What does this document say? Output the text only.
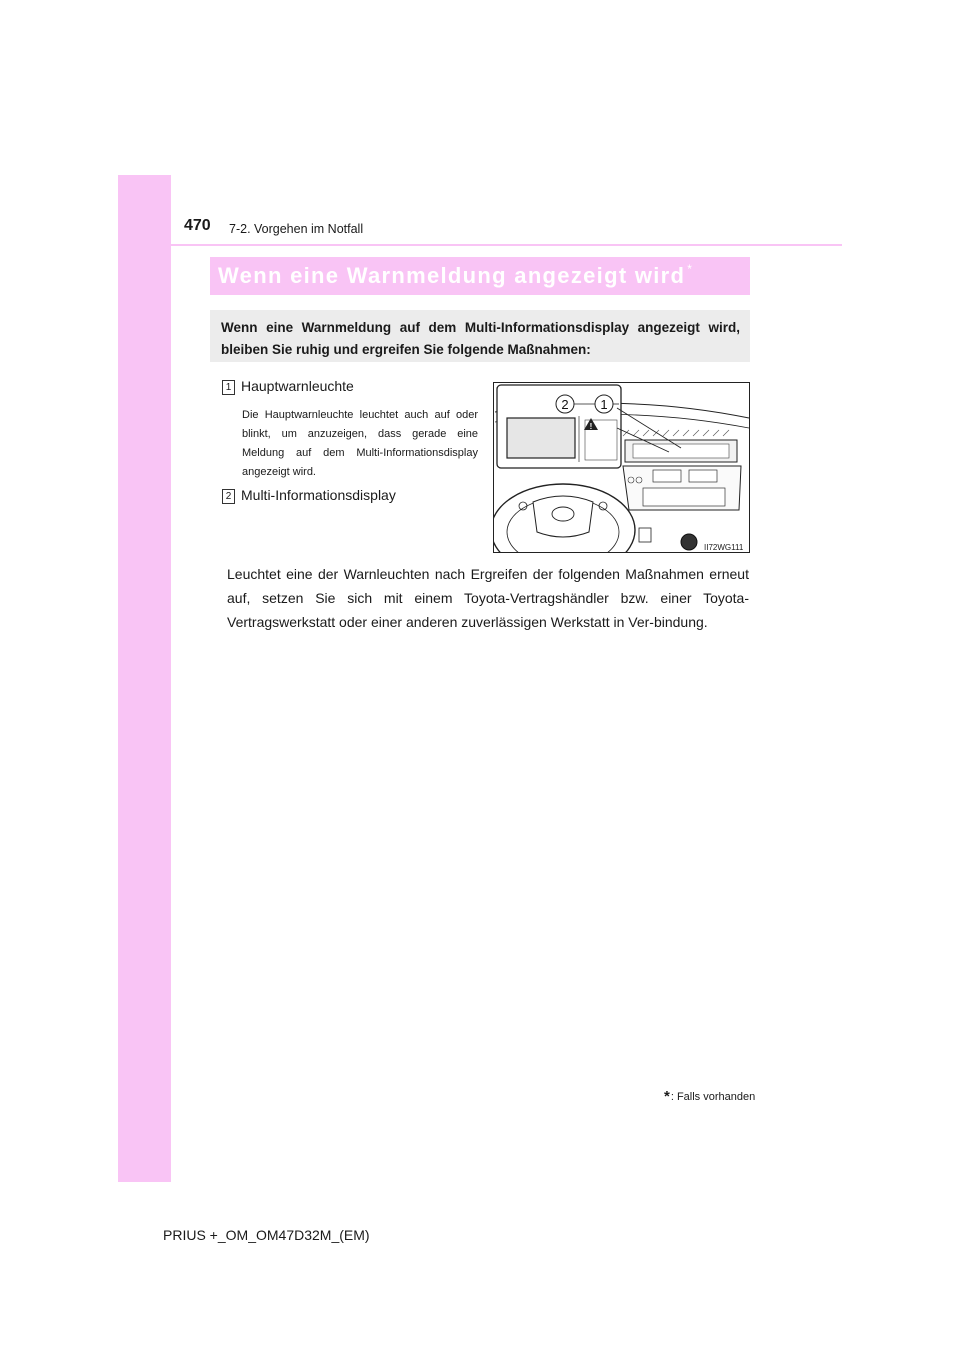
470 7-2. Vorgehen im Notfall
Wenn eine Warnmeldung angezeigt wird *
Wenn eine Warnmeldung auf dem Multi-Informationsdisplay angezeigt wird, bleiben Sie ruhig und ergreifen Sie folgende Maßnahmen:
1 Hauptwarnleuchte
Die Hauptwarnleuchte leuchtet auch auf oder blinkt, um anzuzeigen, dass gerade eine Meldung auf dem Multi-Informationsdisplay angezeigt wird.
2 Multi-Informationsdisplay
2 1
!
II72WG111
Leuchtet eine der Warnleuchten nach Ergreifen der folgenden Maßnahmen erneut auf, setzen Sie sich mit einem Toyota-Vertragshändler bzw. einer Toyota-Vertragswerkstatt oder einer anderen zuverlässigen Werkstatt in Ver-bindung.
* : Falls vorhanden
PRIUS +_OM_OM47D32M_(EM)
